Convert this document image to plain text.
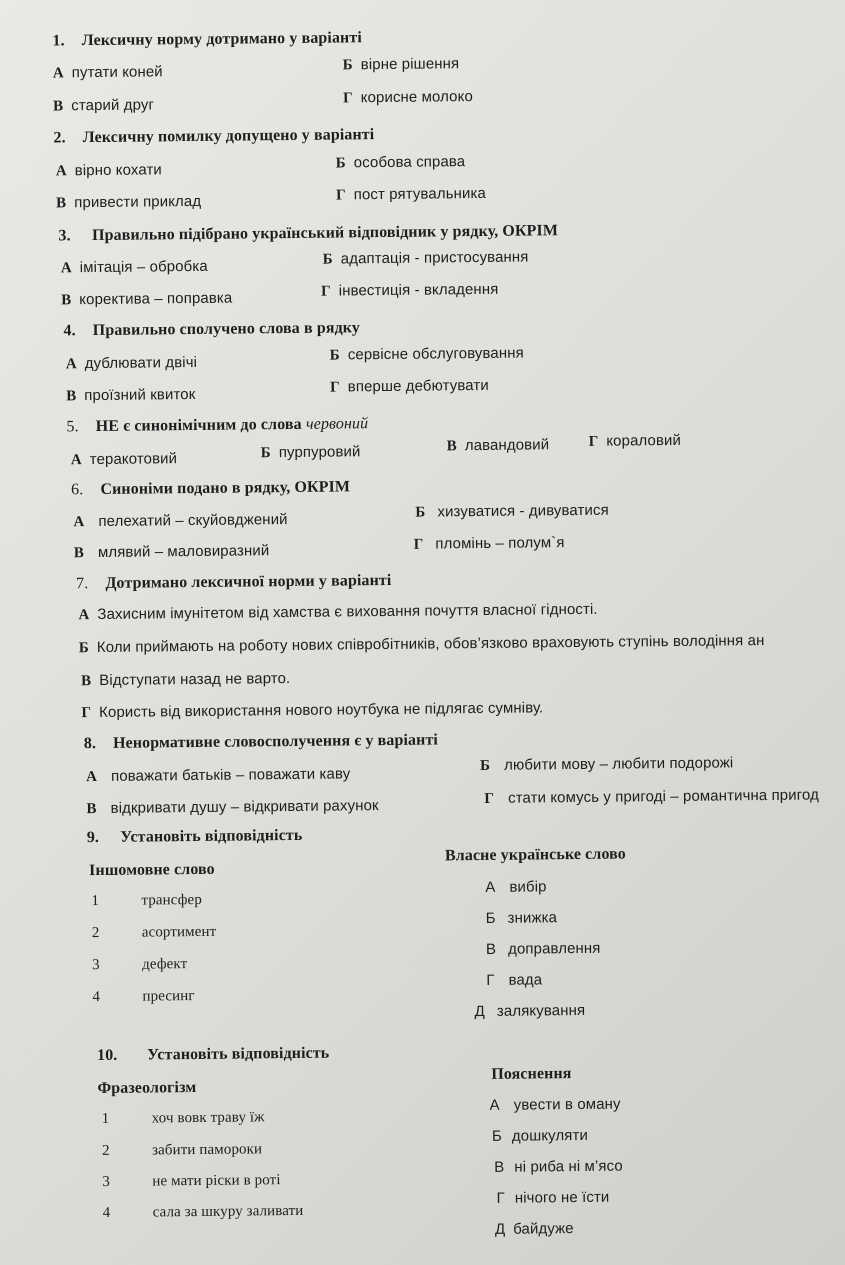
1. Лексичну норму дотримано у варіанті
А путати коней	Б вірне рішення
В старий друг	Г корисне молоко
2. Лексичну помилку допущено у варіанті
А вірно кохати	Б особова справа
В привести приклад	Г пост рятувальника
3. Правильно підібрано український відповідник у рядку, ОКРІМ
А імітація – обробка	Б адаптація - пристосування
В коректива – поправка	Г інвестиція - вкладення
4. Правильно сполучено слова в рядку
А дублювати двічі	Б сервісне обслуговування
В проїзний квиток	Г вперше дебютувати
5. НЕ є синонімічним до слова червоний
А теракотовий	Б пурпуровий	В лавандовий	Г кораловий
6. Синоніми подано в рядку, ОКРІМ
А пелехатий – скуйовджений	Б хизуватися - дивуватися
В млявий – маловиразний	Г пломінь – полум`я
7. Дотримано лексичної норми у варіанті
А Захисним імунітетом від хамства є виховання почуття власної гідності.
Б Коли приймають на роботу нових співробітників, обов’язково враховують ступінь володіння ан
В Відступати назад не варто.
Г Користь від використання нового ноутбука не підлягає сумніву.
8. Ненормативне словосполучення є у варіанті
А поважати батьків – поважати каву	Б любити мову – любити подорожі
В відкривати душу – відкривати рахунок	Г стати комусь у пригоді – романтична пригод
9. Установіть відповідність
Іншомовне слово
Власне українське слово
1	трансфер
2	асортимент
3	дефект
4	пресинг
А вибір
Б знижка
В доправлення
Г вада
Д залякування
10. Установіть відповідність
Фразеологізм
Пояснення
1	хоч вовк траву їж
2	забити памороки
3	не мати ріски в роті
4	сала за шкуру заливати
А увести в оману
Б дошкуляти
В ні риба ні м’ясо
Г нічого не їсти
Д байдуже
